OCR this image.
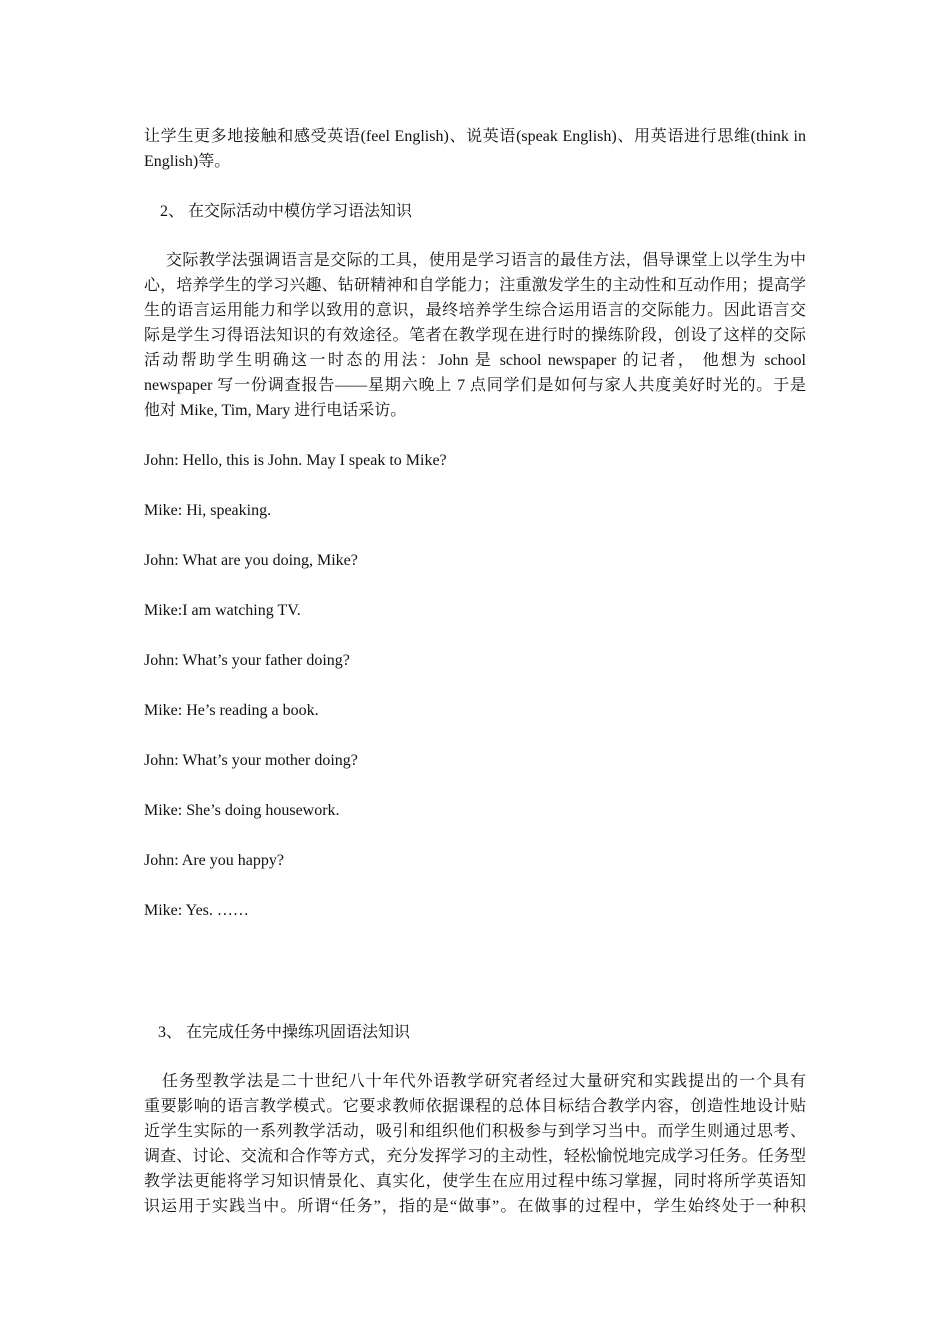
让学生更多地接触和感受英语(feel English)、说英语(speak English)、用英语进行思维(think in
English)等。

2、 在交际活动中模仿学习语法知识

交际教学法强调语言是交际的工具，使用是学习语言的最佳方法，倡导课堂上以学生为中
心，培养学生的学习兴趣、钻研精神和自学能力；注重激发学生的主动性和互动作用；提高学
生的语言运用能力和学以致用的意识，最终培养学生综合运用语言的交际能力。因此语言交
际是学生习得语法知识的有效途径。笔者在教学现在进行时的操练阶段，创设了这样的交际
活动帮助学生明确这一时态的用法：John 是 school newspaper 的记者， 他想为 school
newspaper 写一份调查报告——星期六晚上 7 点同学们是如何与家人共度美好时光的。于是
他对 Mike, Tim, Mary 进行电话采访。

John: Hello, this is John. May I speak to Mike?

Mike: Hi, speaking.

John: What are you doing, Mike?

Mike:I am watching TV.

John: What’s your father doing?

Mike: He’s reading a book.

John: What’s your mother doing?

Mike: She’s doing housework.

John: Are you happy?

Mike: Yes. ……

3、 在完成任务中操练巩固语法知识

任务型教学法是二十世纪八十年代外语教学研究者经过大量研究和实践提出的一个具有
重要影响的语言教学模式。它要求教师依据课程的总体目标结合教学内容，创造性地设计贴
近学生实际的一系列教学活动，吸引和组织他们积极参与到学习当中。而学生则通过思考、
调查、讨论、交流和合作等方式，充分发挥学习的主动性，轻松愉悦地完成学习任务。任务型
教学法更能将学习知识情景化、真实化，使学生在应用过程中练习掌握，同时将所学英语知
识运用于实践当中。所谓“任务”，指的是“做事”。在做事的过程中，学生始终处于一种积
